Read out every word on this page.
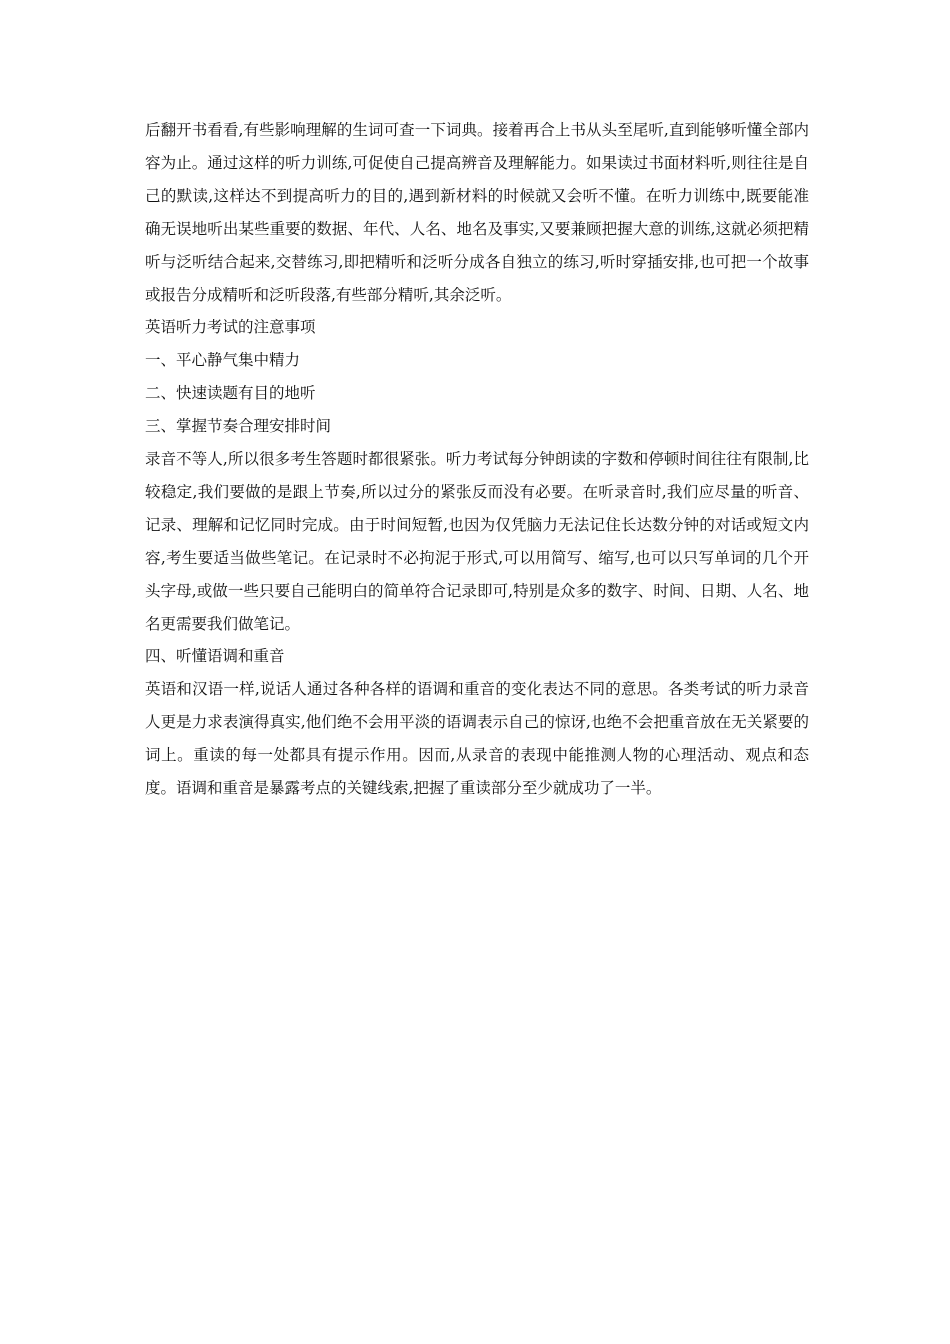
后翻开书看看,有些影响理解的生词可查一下词典。接着再合上书从头至尾听,直到能够听懂全部内容为止。通过这样的听力训练,可促使自己提高辨音及理解能力。如果读过书面材料听,则往往是自己的默读,这样达不到提高听力的目的,遇到新材料的时候就又会听不懂。在听力训练中,既要能准确无误地听出某些重要的数据、年代、人名、地名及事实,又要兼顾把握大意的训练,这就必须把精听与泛听结合起来,交替练习,即把精听和泛听分成各自独立的练习,听时穿插安排,也可把一个故事或报告分成精听和泛听段落,有些部分精听,其余泛听。

英语听力考试的注意事项

一、平心静气集中精力

二、快速读题有目的地听

三、掌握节奏合理安排时间

录音不等人,所以很多考生答题时都很紧张。听力考试每分钟朗读的字数和停顿时间往往有限制,比较稳定,我们要做的是跟上节奏,所以过分的紧张反而没有必要。在听录音时,我们应尽量的听音、记录、理解和记忆同时完成。由于时间短暂,也因为仅凭脑力无法记住长达数分钟的对话或短文内容,考生要适当做些笔记。在记录时不必拘泥于形式,可以用简写、缩写,也可以只写单词的几个开头字母,或做一些只要自己能明白的简单符合记录即可,特别是众多的数字、时间、日期、人名、地名更需要我们做笔记。

四、听懂语调和重音

英语和汉语一样,说话人通过各种各样的语调和重音的变化表达不同的意思。各类考试的听力录音人更是力求表演得真实,他们绝不会用平淡的语调表示自己的惊讶,也绝不会把重音放在无关紧要的词上。重读的每一处都具有提示作用。因而,从录音的表现中能推测人物的心理活动、观点和态度。语调和重音是暴露考点的关键线索,把握了重读部分至少就成功了一半。
